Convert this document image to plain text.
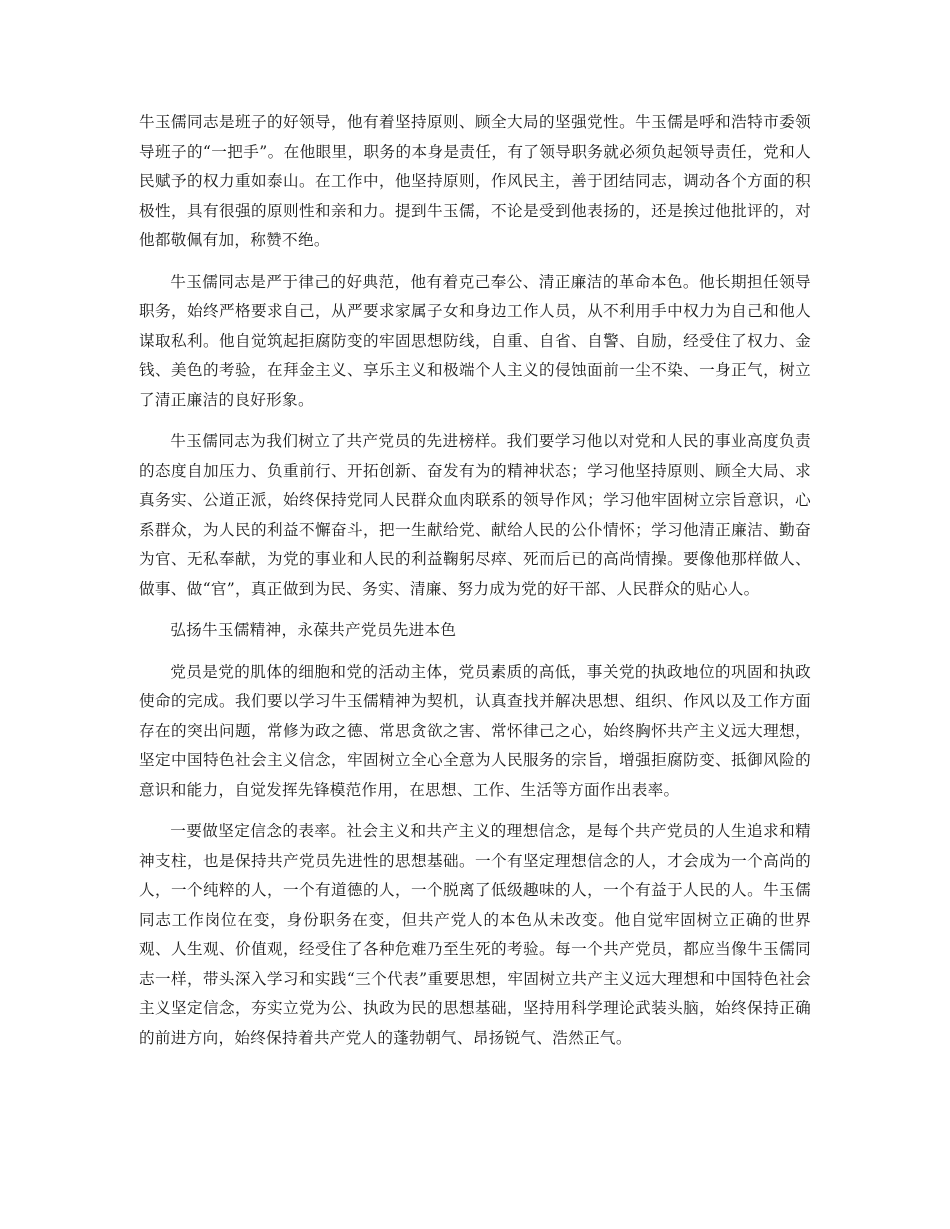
牛玉儒同志是班子的好领导，他有着坚持原则、顾全大局的坚强党性。牛玉儒是呼和浩特市委领导班子的“一把手”。在他眼里，职务的本身是责任，有了领导职务就必须负起领导责任，党和人民赋予的权力重如泰山。在工作中，他坚持原则，作风民主，善于团结同志，调动各个方面的积极性，具有很强的原则性和亲和力。提到牛玉儒，不论是受到他表扬的，还是挨过他批评的，对他都敬佩有加，称赞不绝。

牛玉儒同志是严于律己的好典范，他有着克己奉公、清正廉洁的革命本色。他长期担任领导职务，始终严格要求自己，从严要求家属子女和身边工作人员，从不利用手中权力为自己和他人谋取私利。他自觉筑起拒腐防变的牢固思想防线，自重、自省、自警、自励，经受住了权力、金钱、美色的考验，在拜金主义、享乐主义和极端个人主义的侵蚀面前一尘不染、一身正气，树立了清正廉洁的良好形象。

牛玉儒同志为我们树立了共产党员的先进榜样。我们要学习他以对党和人民的事业高度负责的态度自加压力、负重前行、开拓创新、奋发有为的精神状态；学习他坚持原则、顾全大局、求真务实、公道正派，始终保持党同人民群众血肉联系的领导作风；学习他牢固树立宗旨意识，心系群众，为人民的利益不懈奋斗，把一生献给党、献给人民的公仆情怀；学习他清正廉洁、勤奋为官、无私奉献，为党的事业和人民的利益鞠躬尽瘁、死而后已的高尚情操。要像他那样做人、做事、做“官”，真正做到为民、务实、清廉、努力成为党的好干部、人民群众的贴心人。

弘扬牛玉儒精神，永葆共产党员先进本色

党员是党的肌体的细胞和党的活动主体，党员素质的高低，事关党的执政地位的巩固和执政使命的完成。我们要以学习牛玉儒精神为契机，认真查找并解决思想、组织、作风以及工作方面存在的突出问题，常修为政之德、常思贪欲之害、常怀律己之心，始终胸怀共产主义远大理想，坚定中国特色社会主义信念，牢固树立全心全意为人民服务的宗旨，增强拒腐防变、抵御风险的意识和能力，自觉发挥先锋模范作用，在思想、工作、生活等方面作出表率。

一要做坚定信念的表率。社会主义和共产主义的理想信念，是每个共产党员的人生追求和精神支柱，也是保持共产党员先进性的思想基础。一个有坚定理想信念的人，才会成为一个高尚的人，一个纯粹的人，一个有道德的人，一个脱离了低级趣味的人，一个有益于人民的人。牛玉儒同志工作岗位在变，身份职务在变，但共产党人的本色从未改变。他自觉牢固树立正确的世界观、人生观、价值观，经受住了各种危难乃至生死的考验。每一个共产党员，都应当像牛玉儒同志一样，带头深入学习和实践“三个代表”重要思想，牢固树立共产主义远大理想和中国特色社会主义坚定信念，夯实立党为公、执政为民的思想基础，坚持用科学理论武装头脑，始终保持正确的前进方向，始终保持着共产党人的蓬勃朝气、昂扬锐气、浩然正气。
